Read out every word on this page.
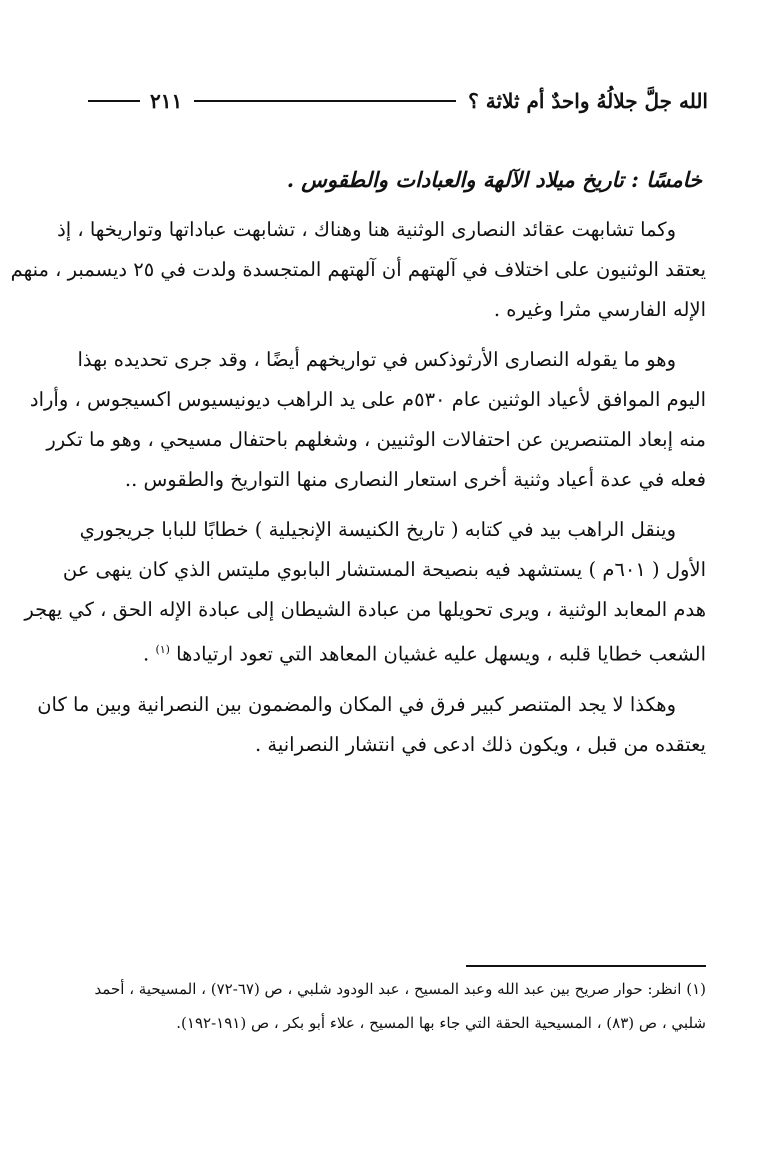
الله جلَّ جلالُهُ واحدٌ أم ثلاثة ؟
٢١١
خامسًا : تاريخ ميلاد الآلهة والعبادات والطقوس .
وكما تشابهت عقائد النصارى الوثنية هنا وهناك ، تشابهت عباداتها وتواريخها ، إذ
يعتقد الوثنيون على اختلاف في آلهتهم أن آلهتهم المتجسدة ولدت في ٢٥ ديسمبر ، منهم
الإله الفارسي مثرا وغيره .
وهو ما يقوله النصارى الأرثوذكس في تواريخهم أيضًا ، وقد جرى تحديده بهذا
اليوم الموافق لأعياد الوثنين عام ٥٣٠م على يد الراهب ديونيسيوس اكسيجوس ، وأراد
منه إبعاد المتنصرين عن احتفالات الوثنيين ، وشغلهم باحتفال مسيحي ، وهو ما تكرر
فعله في عدة أعياد وثنية أخرى استعار النصارى منها التواريخ والطقوس ..
وينقل الراهب بيد في كتابه ( تاريخ الكنيسة الإنجيلية ) خطابًا للبابا جريجوري
الأول ( ٦٠١م ) يستشهد فيه بنصيحة المستشار البابوي مليتس الذي كان ينهى عن
هدم المعابد الوثنية ، ويرى تحويلها من عبادة الشيطان إلى عبادة الإله الحق ، كي يهجر
الشعب خطايا قلبه ، ويسهل عليه غشيان المعاهد التي تعود ارتيادها $^{(١)}$ .
وهكذا لا يجد المتنصر كبير فرق في المكان والمضمون بين النصرانية وبين ما كان
يعتقده من قبل ، ويكون ذلك ادعى في انتشار النصرانية .
(١) انظر: حوار صريح بين عبد الله وعبد المسيح ، عبد الودود شلبي ، ص (٦٧-٧٢) ، المسيحية ، أحمد
شلبي ، ص (٨٣) ، المسيحية الحقة التي جاء بها المسيح ، علاء أبو بكر ، ص (١٩١-١٩٢).
